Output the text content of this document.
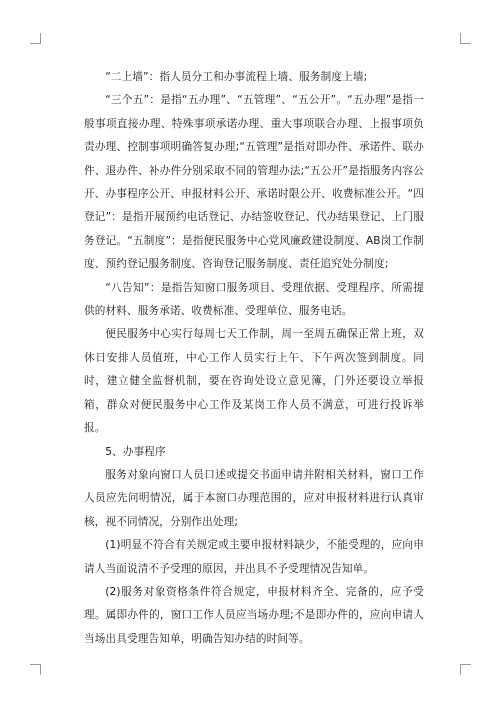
“二上墙”：指人员分工和办事流程上墙、服务制度上墙;

“三个五”：是指“五办理”、“五管理”、“五公开”。“五办理”是指一般事项直接办理、特殊事项承诺办理、重大事项联合办理、上报事项负责办理、控制事项明确答复办理;“五管理”是指对即办件、承诺件、联办件、退办件、补办件分别采取不同的管理办法;“五公开”是指服务内容公开、办事程序公开、申报材料公开、承诺时限公开、收费标准公开。“四登记”：是指开展预约电话登记、办结签收登记、代办结果登记、上门服务登记。“五制度”：是指便民服务中心党风廉政建设制度、AB岗工作制度、预约登记服务制度、咨询登记服务制度、责任追究处分制度;

“八告知”：是指告知窗口服务项目、受理依据、受理程序、所需提供的材料、服务承诺、收费标准、受理单位、服务电话。

便民服务中心实行每周七天工作制，周一至周五确保正常上班，双休日安排人员值班，中心工作人员实行上午、下午两次签到制度。同时，建立健全监督机制，要在咨询处设立意见簿，门外还要设立举报箱，群众对便民服务中心工作及某岗工作人员不满意，可进行投诉举报。

5、办事程序

服务对象向窗口人员口述或提交书面申请并附相关材料，窗口工作人员应先问明情况，属于本窗口办理范围的，应对申报材料进行认真审核，视不同情况，分别作出处理;

(1)明显不符合有关规定或主要申报材料缺少，不能受理的，应向申请人当面说清不予受理的原因，并出具不予受理情况告知单。

(2)服务对象资格条件符合规定，申报材料齐全、完备的，应予受理。属即办件的，窗口工作人员应当场办理;不是即办件的，应向申请人当场出具受理告知单，明确告知办结的时间等。
